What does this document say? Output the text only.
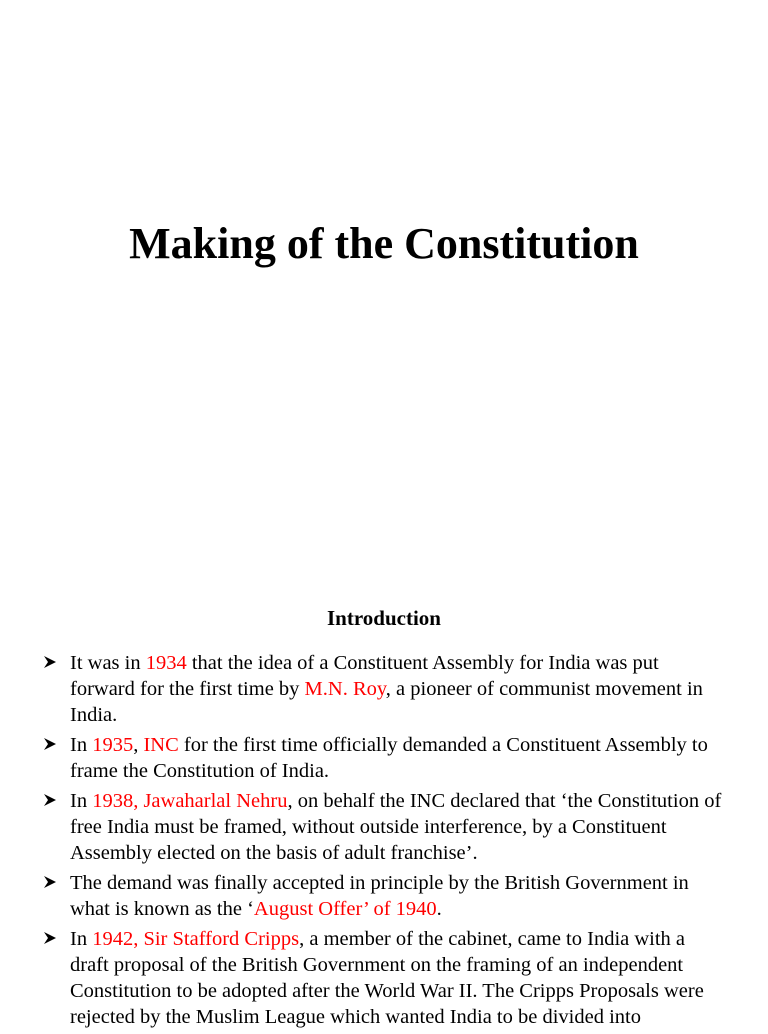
Making of the Constitution
Introduction
It was in 1934 that the idea of a Constituent Assembly for India was put forward for the first time by M.N. Roy, a pioneer of communist movement in India.
In 1935, INC for the first time officially demanded a Constituent Assembly to frame the Constitution of India.
In 1938, Jawaharlal Nehru, on behalf the INC declared that ‘the Constitution of free India must be framed, without outside interference, by a Constituent Assembly elected on the basis of adult franchise’.
The demand was finally accepted in principle by the British Government in what is known as the ‘August Offer’ of 1940.
In 1942, Sir Stafford Cripps, a member of the cabinet, came to India with a draft proposal of the British Government on the framing of an independent Constitution to be adopted after the World War II. The Cripps Proposals were rejected by the Muslim League which wanted India to be divided into
